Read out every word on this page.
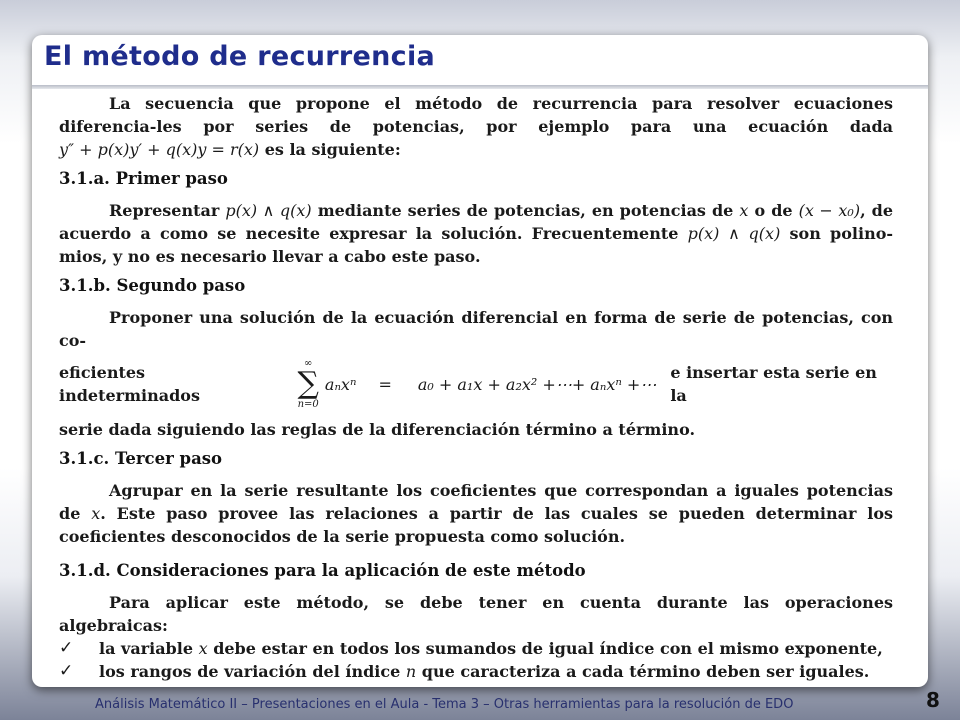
El método de recurrencia

La secuencia que propone el método de recurrencia para resolver ecuaciones diferencia-les por series de potencias, por ejemplo para una ecuación dada y″ + p(x)y′ + q(x)y = r(x) es la siguiente:

3.1.a. Primer paso

Representar p(x) ∧ q(x) mediante series de potencias, en potencias de x o de (x − x₀), de acuerdo a como se necesite expresar la solución. Frecuentemente p(x) ∧ q(x) son polino-mios, y no es necesario llevar a cabo este paso.

3.1.b. Segundo paso

Proponer una solución de la ecuación diferencial en forma de serie de potencias, con co-

eficientes indeterminados
∞
∑
n=0
aₙxⁿ = a₀ + a₁x + a₂x² +⋯+ aₙxⁿ +⋯
e insertar esta serie en la

serie dada siguiendo las reglas de la diferenciación término a término.

3.1.c. Tercer paso

Agrupar en la serie resultante los coeficientes que correspondan a iguales potencias de x. Este paso provee las relaciones a partir de las cuales se pueden determinar los coeficientes desconocidos de la serie propuesta como solución.

3.1.d. Consideraciones para la aplicación de este método

Para aplicar este método, se debe tener en cuenta durante las operaciones algebraicas:

✓ la variable x debe estar en todos los sumandos de igual índice con el mismo exponente,
✓ los rangos de variación del índice n que caracteriza a cada término deben ser iguales.
Análisis Matemático II – Presentaciones en el Aula - Tema 3 – Otras herramientas para la resolución de EDO	8
